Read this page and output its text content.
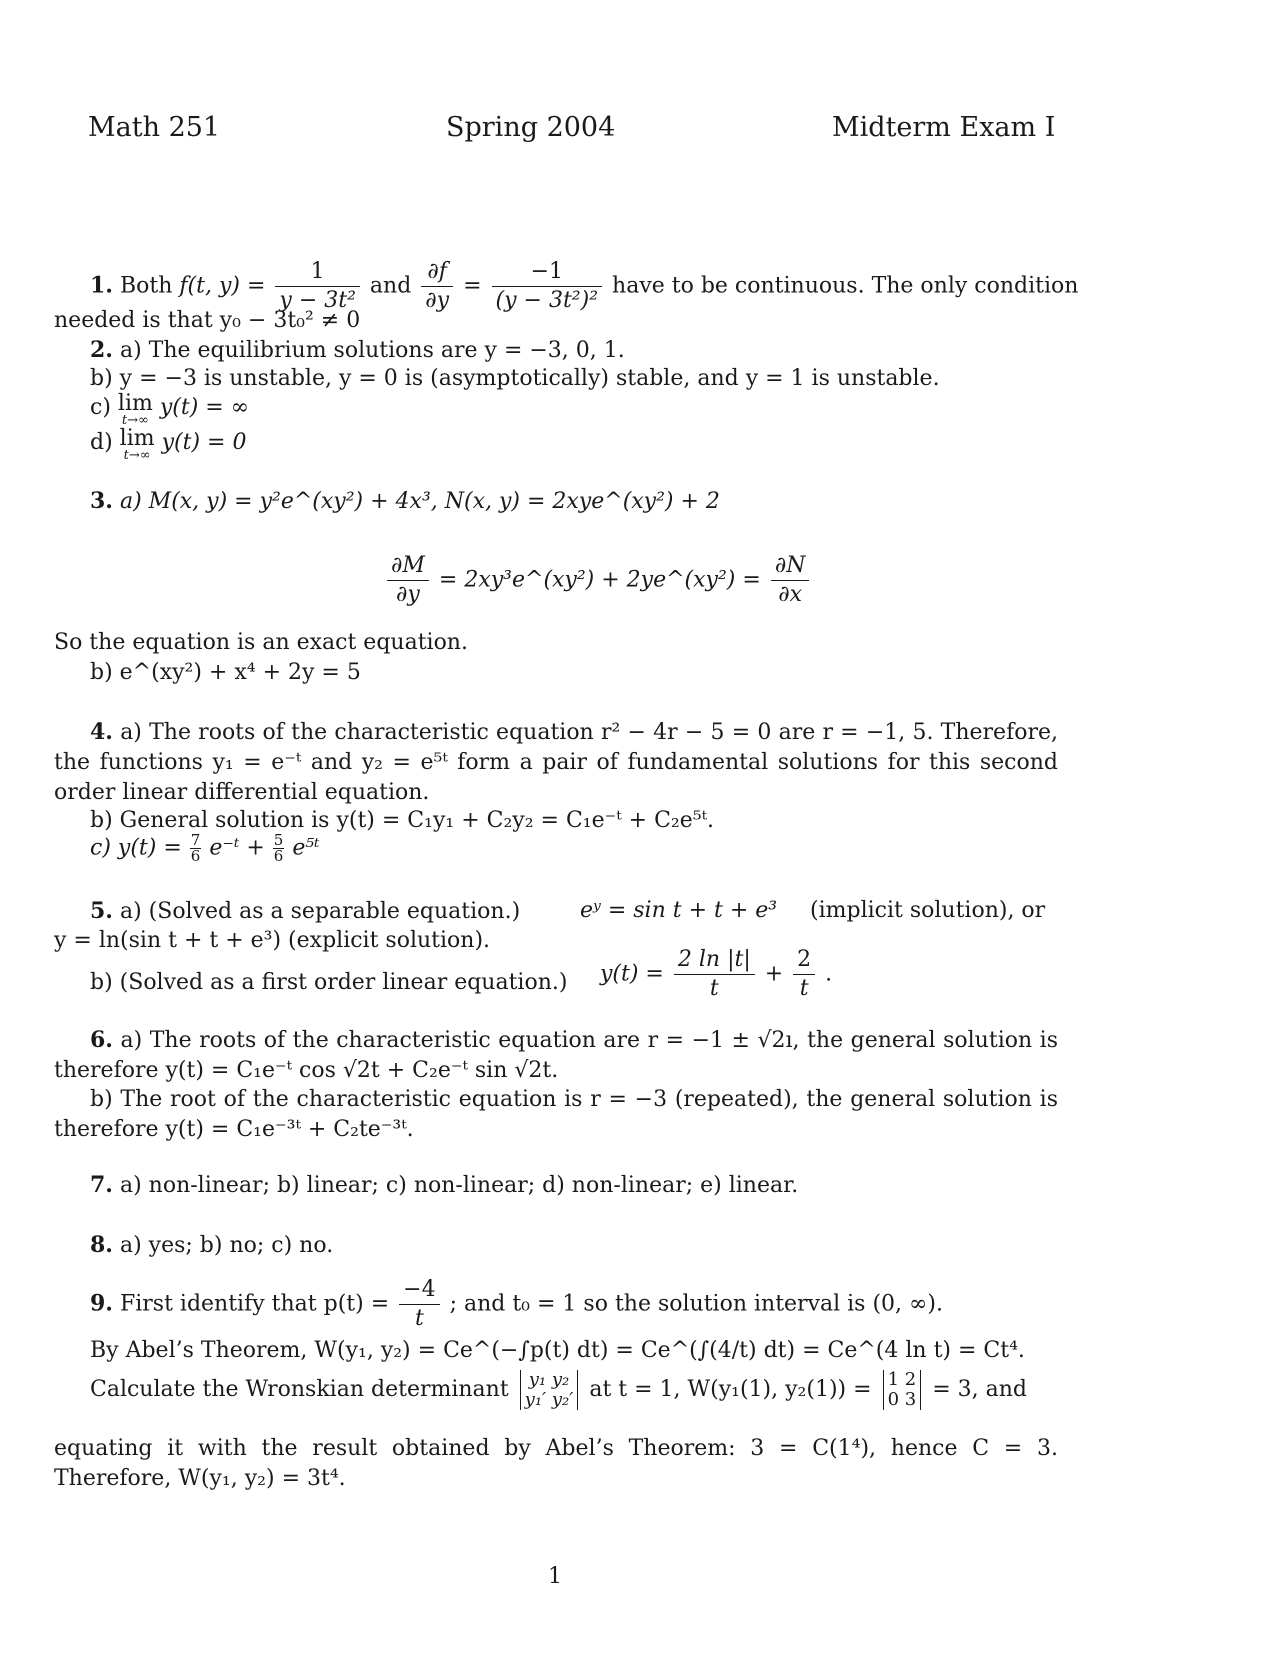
Math 251	Spring 2004	Midterm Exam I
1. Both f(t, $y) = \frac{1}{\text{y − 3t²}}$ and $\frac{\partial f}{\partial y} = \frac{-1}{\text{(y − 3t²)²}}$ have to be continuous. The only condition
needed is that y₀ − 3t₀² ≠ 0
2. a) The equilibrium solutions are y = −3, 0, 1.
b) y = −3 is unstable, y = 0 is (asymptotically) stable, and y = 1 is unstable.
c) lim
t→∞
y(t) = ∞
d) lim
t→∞
y(t) = 0
3. a) M(x, y) = y²e^(xy²) + 4x³, N(x, y) = 2xye^(xy²) + 2
$\frac{\partial M}{\partial y}$ = 2xy³e^(xy²) + 2ye^(xy²) = $\frac{\partial N}{\partial x}$
So the equation is an exact equation.
b) e^(xy²) + x⁴ + 2y = 5
4. a) The roots of the characteristic equation r² − 4r − 5 = 0 are r = −1, 5. Therefore, the functions y₁ = e⁻ᵗ and y₂ = e⁵ᵗ form a pair of fundamental solutions for this second order linear differential equation.
b) General solution is y(t) = C₁y₁ + C₂y₂ = C₁e⁻ᵗ + C₂e⁵ᵗ.
c) $y(t) = \frac{7}{6}$ e⁻ᵗ + $\frac{5}{6}$ e⁵ᵗ
5. a) (Solved as a separable equation.)	eʸ = sin t + t + e³ (implicit solution), or
y = ln(sin t + t + e³) (explicit solution).
b) (Solved as a first order linear equation.) $y(t) = \frac{2 \ln |t|}{t} + \frac{2}{t}$ .
6. a) The roots of the characteristic equation are r = −1 ± √2ı, the general solution is therefore y(t) = C₁e⁻ᵗ cos √2t + C₂e⁻ᵗ sin √2t.
b) The root of the characteristic equation is r = −3 (repeated), the general solution is therefore y(t) = C₁e⁻³ᵗ + C₂te⁻³ᵗ.
7. a) non-linear; b) linear; c) non-linear; d) non-linear; e) linear.
8. a) yes; b) no; c) no.
9. First identify that $p(t) = \frac{-4}{t}$ ; and t₀ = 1 so the solution interval is (0, ∞).
By Abel’s Theorem, W(y₁, y₂) = Ce^(−∫p(t) dt) = Ce^(∫(4/t) dt) = Ce^(4 ln t) = Ct⁴.
Calculate the Wronskian determinant y₁ y₂
y₁′ y₂′ at t = 1, W(y₁(1), y₂(1)) = 1 2
0 3 = 3, and
equating it with the result obtained by Abel’s Theorem: 3 = C(1⁴), hence C = 3. Therefore, W(y₁, y₂) = 3t⁴.
1
